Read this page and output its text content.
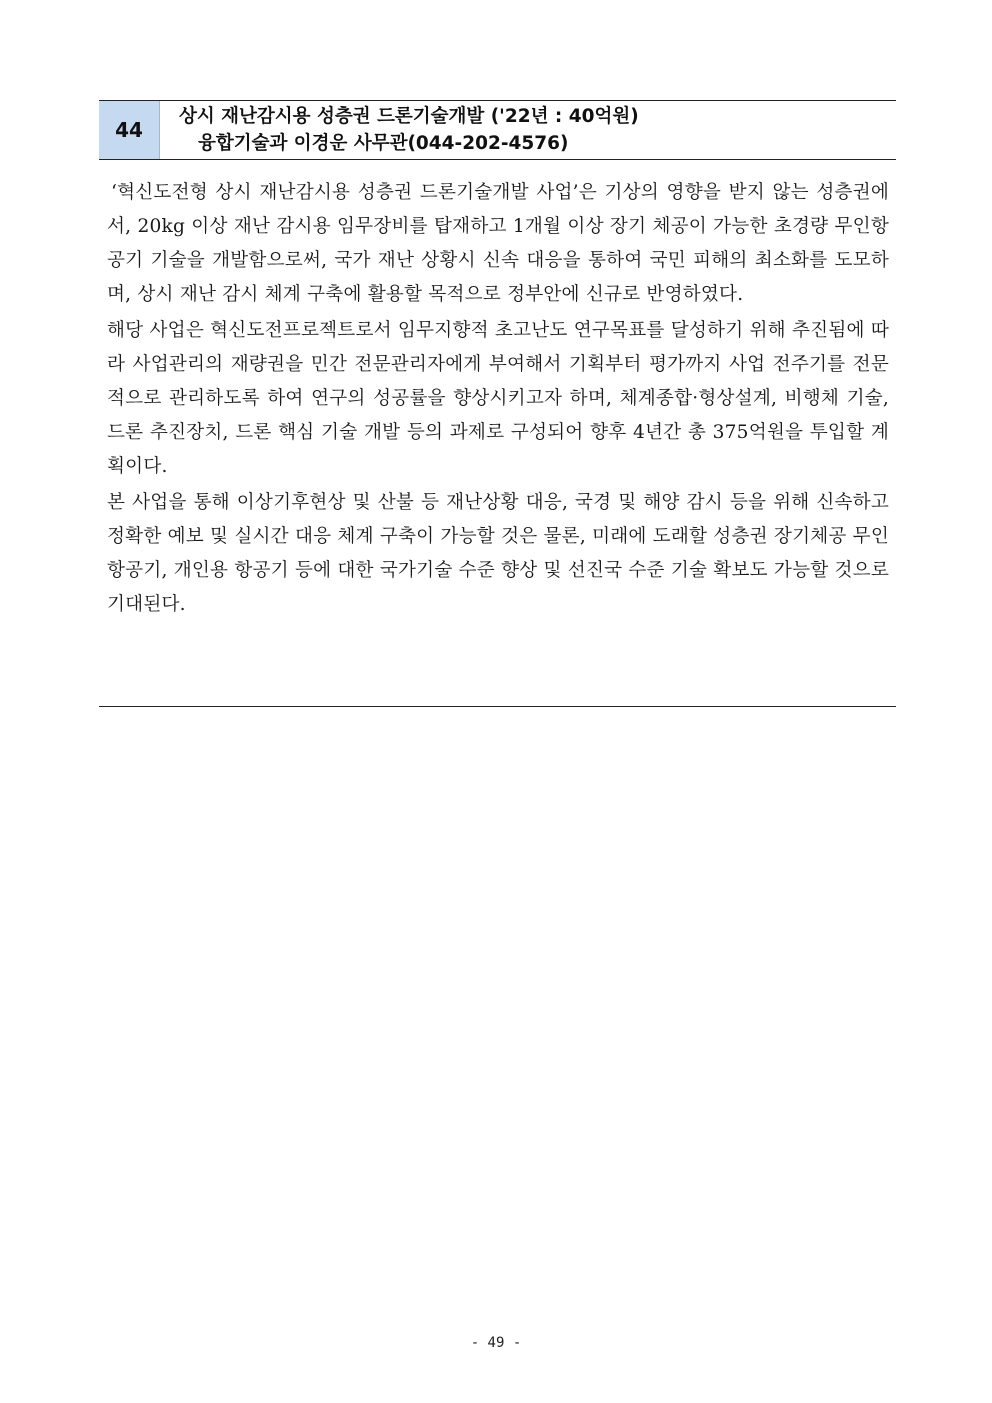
44
상시 재난감시용 성층권 드론기술개발 ('22년 : 40억원)
융합기술과 이경운 사무관(044-202-4576)

‘혁신도전형 상시 재난감시용 성층권 드론기술개발 사업’은 기상의 영향을 받지 않는 성층권에서, 20kg 이상 재난 감시용 임무장비를 탑재하고 1개월 이상 장기 체공이 가능한 초경량 무인항공기 기술을 개발함으로써, 국가 재난 상황시 신속 대응을 통하여 국민 피해의 최소화를 도모하며, 상시 재난 감시 체계 구축에 활용할 목적으로 정부안에 신규로 반영하였다.

해당 사업은 혁신도전프로젝트로서 임무지향적 초고난도 연구목표를 달성하기 위해 추진됨에 따라 사업관리의 재량권을 민간 전문관리자에게 부여해서 기획부터 평가까지 사업 전주기를 전문적으로 관리하도록 하여 연구의 성공률을 향상시키고자 하며, 체계종합·형상설계, 비행체 기술, 드론 추진장치, 드론 핵심 기술 개발 등의 과제로 구성되어 향후 4년간 총 375억원을 투입할 계획이다.

본 사업을 통해 이상기후현상 및 산불 등 재난상황 대응, 국경 및 해양 감시 등을 위해 신속하고 정확한 예보 및 실시간 대응 체계 구축이 가능할 것은 물론, 미래에 도래할 성층권 장기체공 무인항공기, 개인용 항공기 등에 대한 국가기술 수준 향상 및 선진국 수준 기술 확보도 가능할 것으로 기대된다.

- 49 -
